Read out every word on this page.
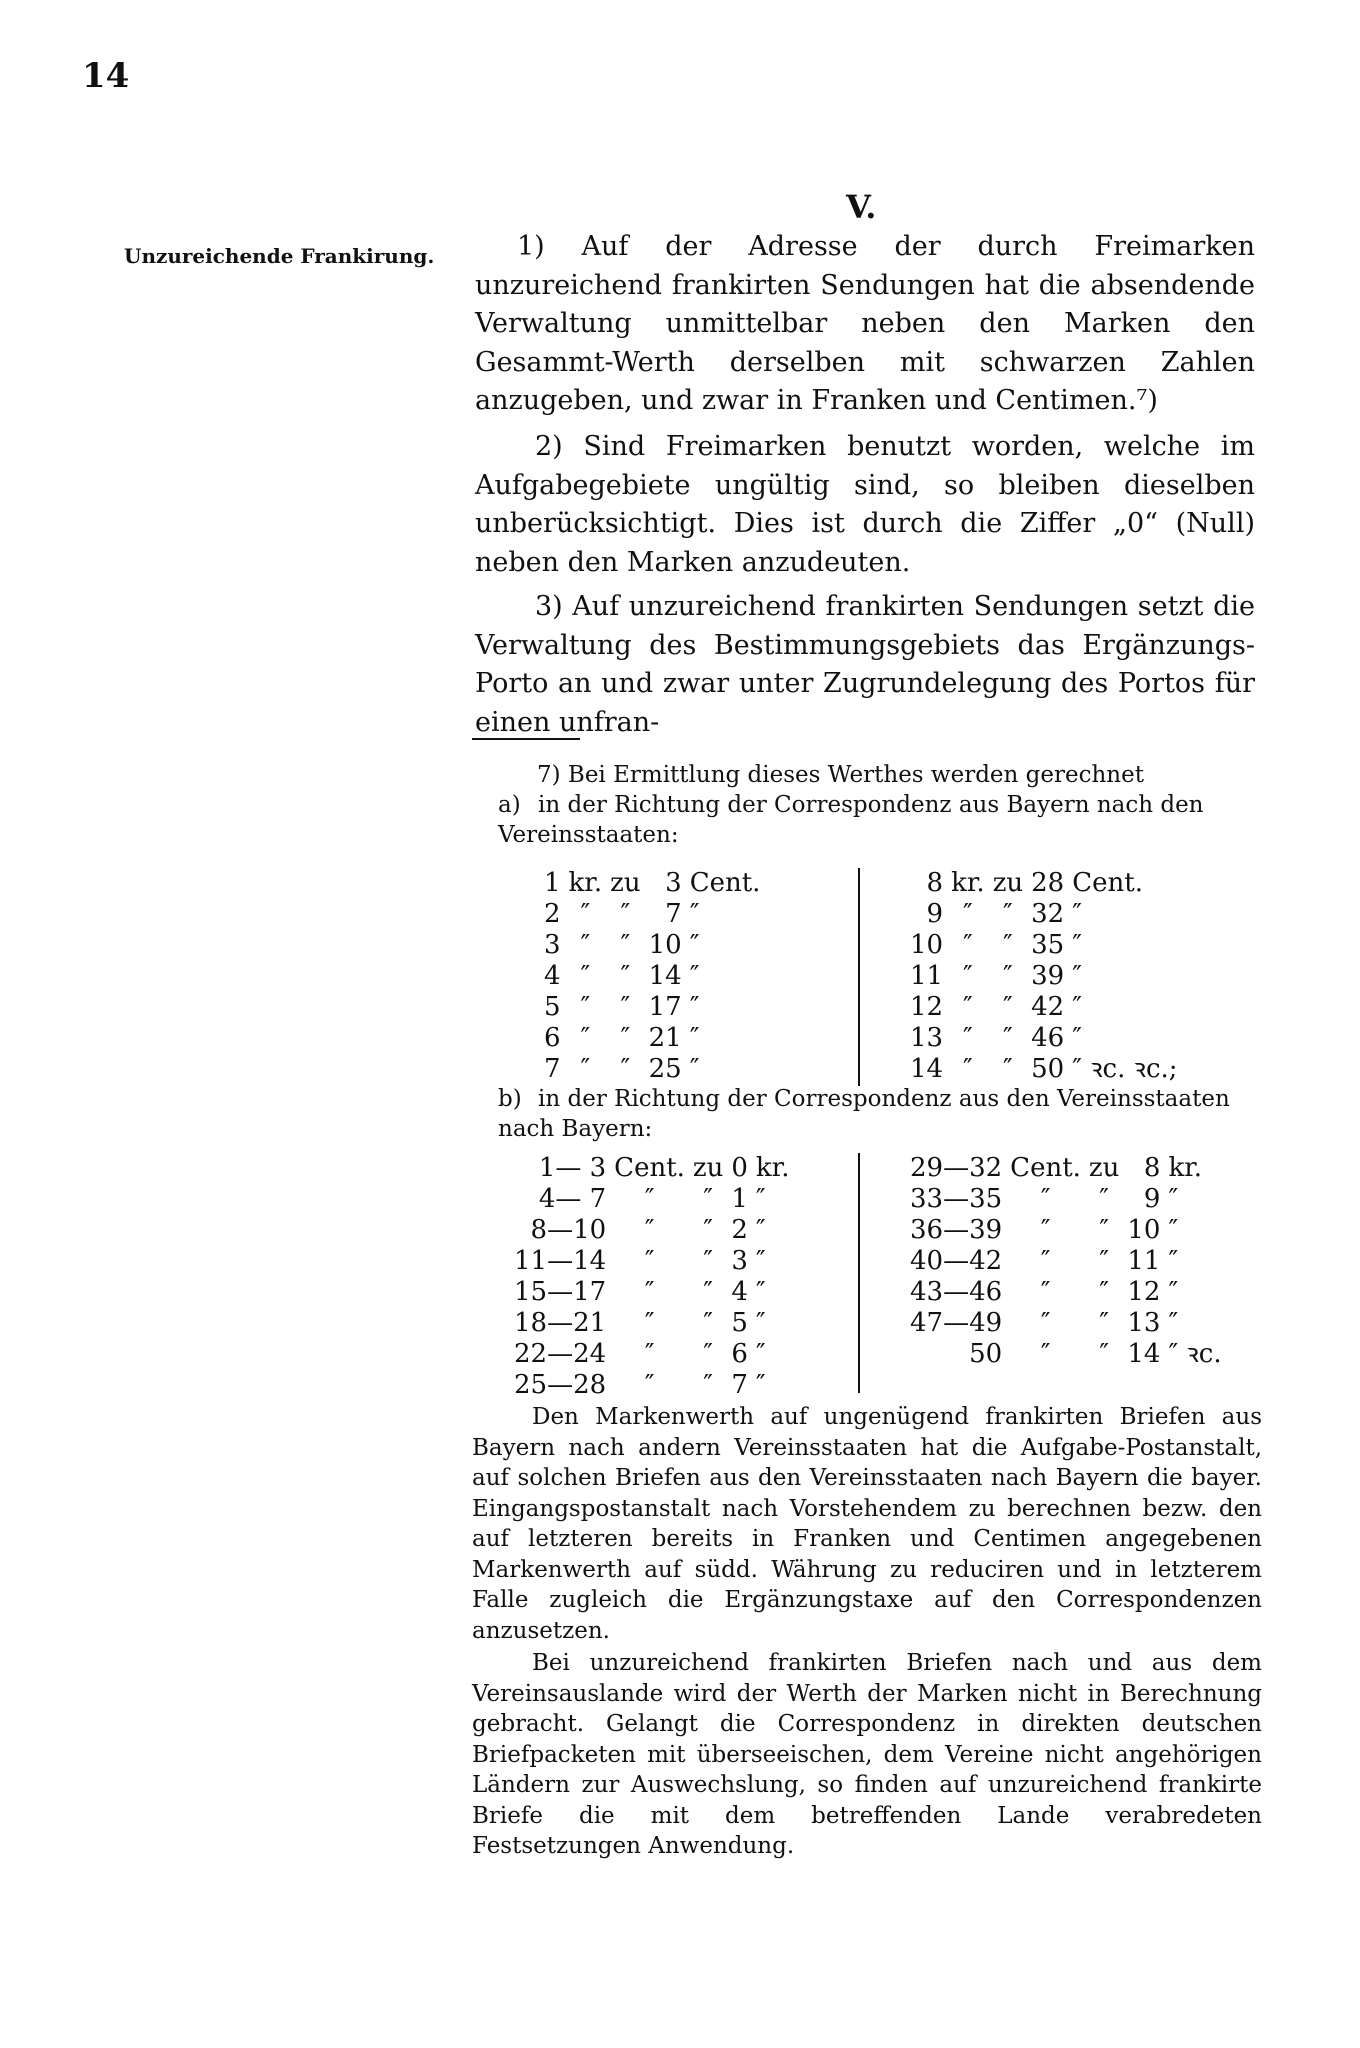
14
V.
Unzureichende Frankirung.	1) Auf der Adresse der durch Freimarken unzureichend frankirten Sendungen hat die absendende Verwaltung unmittelbar neben den Marken den Gesammt-Werth derselben mit schwarzen Zahlen anzugeben, und zwar in Franken und Centimen.⁷)

2) Sind Freimarken benutzt worden, welche im Aufgabegebiete ungültig sind, so bleiben dieselben unberücksichtigt. Dies ist durch die Ziffer „0“ (Null) neben den Marken anzudeuten.

3) Auf unzureichend frankirten Sendungen setzt die Verwaltung des Bestimmungsgebiets das Ergänzungs-Porto an und zwar unter Zugrundelegung des Portos für einen unfran-

7) Bei Ermittlung dieses Werthes werden gerechnet

a) in der Richtung der Correspondenz aus Bayern nach den Vereinsstaaten:

1	kr.	zu	3	Cent.
2	″	″	7	″
3	″	″	10	″
4	″	″	14	″
5	″	″	17	″
6	″	″	21	″
7	″	″	25	″
8	kr.	zu	28	Cent.
9	″	″	32	″
10	″	″	35	″
11	″	″	39	″
12	″	″	42	″
13	″	″	46	″
14	″	″	50	″ ꝛc. ꝛc.;

b) in der Richtung der Correspondenz aus den Vereinsstaaten nach Bayern:

1— 3	Cent.	zu	0	kr.
4— 7	″	″	1	″
8—10	″	″	2	″
11—14	″	″	3	″
15—17	″	″	4	″
18—21	″	″	5	″
22—24	″	″	6	″
25—28	″	″	7	″
29—32	Cent.	zu	8	kr.
33—35	″	″	9	″
36—39	″	″	10	″
40—42	″	″	11	″
43—46	″	″	12	″
47—49	″	″	13	″
50	″	″	14	″ ꝛc.

Den Markenwerth auf ungenügend frankirten Briefen aus Bayern nach andern Vereinsstaaten hat die Aufgabe-Postanstalt, auf solchen Briefen aus den Vereinsstaaten nach Bayern die bayer. Eingangspostanstalt nach Vorstehendem zu berechnen bezw. den auf letzteren bereits in Franken und Centimen angegebenen Markenwerth auf südd. Währung zu reduciren und in letzterem Falle zugleich die Ergänzungstaxe auf den Correspondenzen anzusetzen.

Bei unzureichend frankirten Briefen nach und aus dem Vereinsauslande wird der Werth der Marken nicht in Berechnung gebracht. Gelangt die Correspondenz in direkten deutschen Briefpacketen mit überseeischen, dem Vereine nicht angehörigen Ländern zur Auswechslung, so finden auf unzureichend frankirte Briefe die mit dem betreffenden Lande verabredeten Festsetzungen Anwendung.
